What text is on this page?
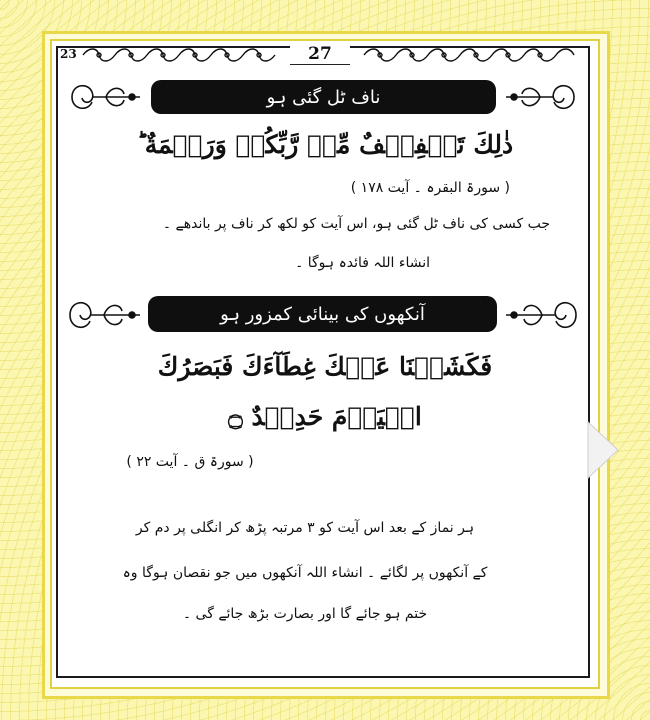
23	27
ناف ٹل گئی ہو
ذٰلِكَ تَخۡفِيۡفٌ مِّنۡ رَّبِّكُمۡ وَرَحۡمَةٌ ؕ
( سورۃ البقرہ ۔ آیت ۱۷۸ )
جب کسی کی ناف ٹل گئی ہو، اس آیت کو لکھ کر ناف پر باندھے ۔
انشاء اللہ فائدہ ہوگا ۔
آنکھوں کی بینائی کمزور ہو
فَكَشَفۡنَا عَنۡكَ غِطَآءَكَ فَبَصَرُكَ
الۡيَوۡمَ حَدِيۡدٌ ۝
( سورۃ ق ۔ آیت ۲۲ )
ہر نماز کے بعد اس آیت کو ۳ مرتبہ پڑھ کر انگلی پر دم کر
کے آنکھوں پر لگائے ۔ انشاء اللہ آنکھوں میں جو نقصان ہوگا وہ
ختم ہو جائے گا اور بصارت بڑھ جائے گی ۔
